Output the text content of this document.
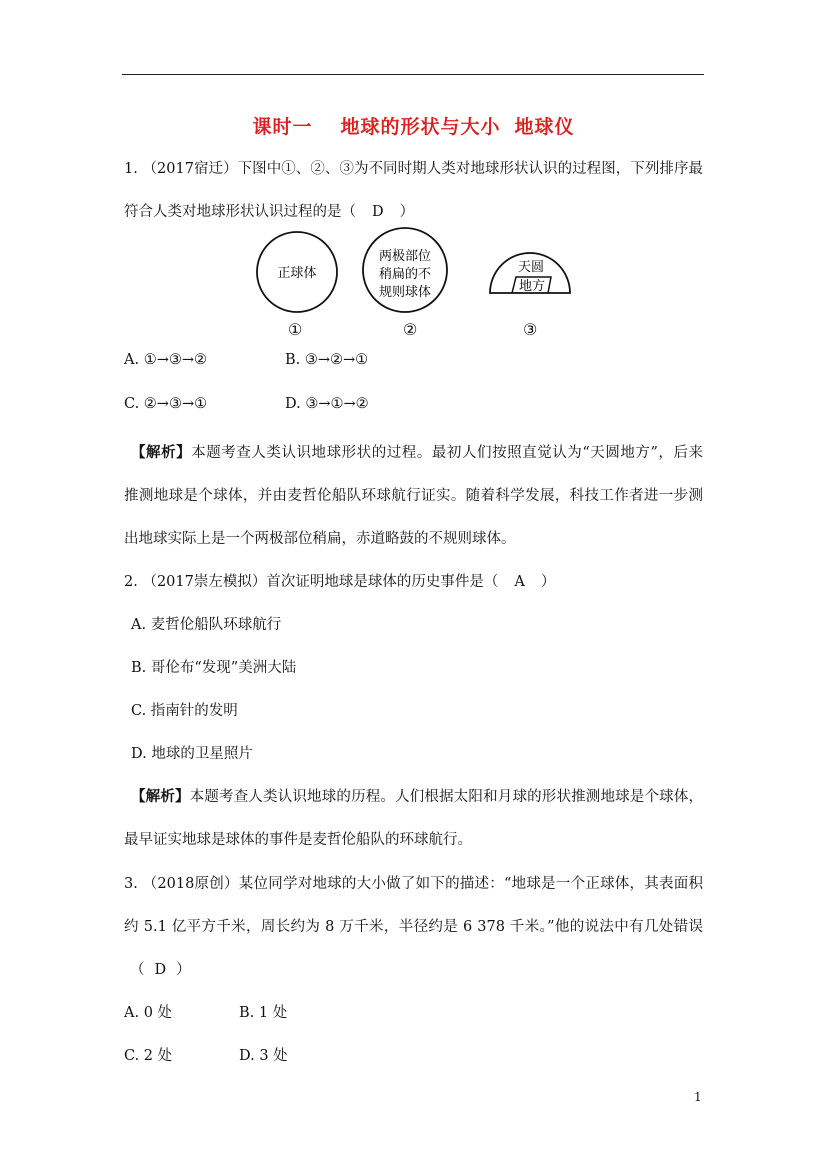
课时一 地球的形状与大小 地球仪
1. （2017宿迁）下图中①、②、③为不同时期人类对地球形状认识的过程图，下列排序最
符合人类对地球形状认识过程的是（ D ）
正球体
两极部位
稍扁的不
规则球体
天圆
地方
①	②	③
A. ①→③→②	B. ③→②→①
C. ②→③→①	D. ③→①→②
【解析】本题考查人类认识地球形状的过程。最初人们按照直觉认为“天圆地方”，后来
推测地球是个球体，并由麦哲伦船队环球航行证实。随着科学发展，科技工作者进一步测
出地球实际上是一个两极部位稍扁，赤道略鼓的不规则球体。
2. （2017崇左模拟）首次证明地球是球体的历史事件是（ A ）
A. 麦哲伦船队环球航行
B. 哥伦布“发现”美洲大陆
C. 指南针的发明
D. 地球的卫星照片
【解析】本题考查人类认识地球的历程。人们根据太阳和月球的形状推测地球是个球体，
最早证实地球是球体的事件是麦哲伦船队的环球航行。
3. （2018原创）某位同学对地球的大小做了如下的描述：“地球是一个正球体，其表面积
约 5.1 亿平方千米，周长约为 8 万千米，半径约是 6 378 千米。”他的说法中有几处错误
（ D ）
A. 0 处	B. 1 处
C. 2 处	D. 3 处
1
